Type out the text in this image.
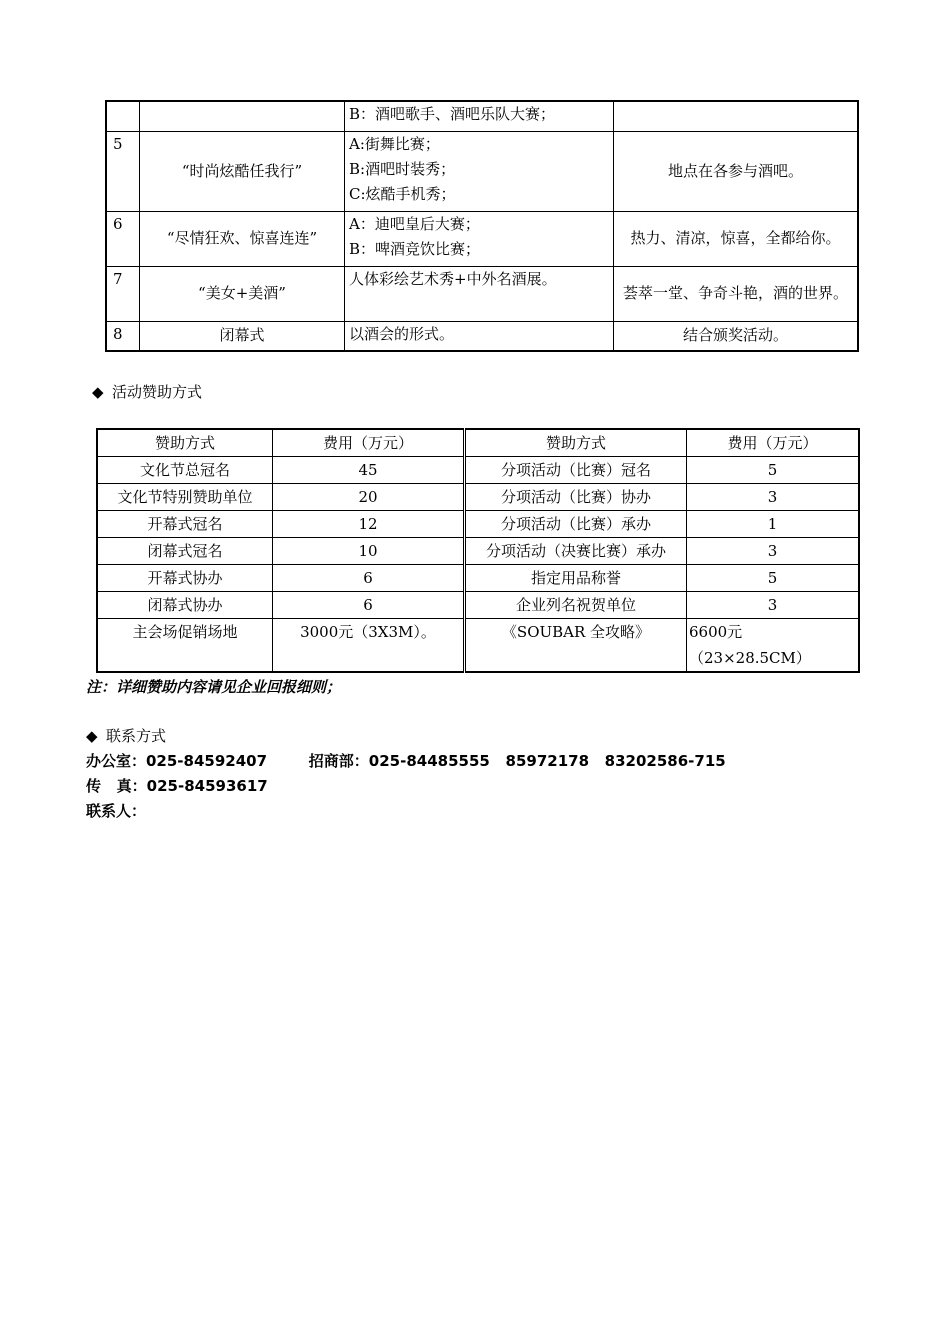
		B：酒吧歌手、酒吧乐队大赛；	

5	“时尚炫酷任我行”	A:街舞比赛；
B:酒吧时装秀；
C:炫酷手机秀；	地点在各参与酒吧。
6	“尽情狂欢、惊喜连连”	A：迪吧皇后大赛；
B：啤酒竞饮比赛；	热力、清凉，惊喜，全都给你。
7	“美女+美酒”	人体彩绘艺术秀+中外名酒展。	荟萃一堂、争奇斗艳，酒的世界。
8	闭幕式	以酒会的形式。	结合颁奖活动。
◆ 活动赞助方式
赞助方式	费用（万元）	赞助方式	费用（万元）
文化节总冠名	45	分项活动（比赛）冠名	5
文化节特别赞助单位	20	分项活动（比赛）协办	3
开幕式冠名	12	分项活动（比赛）承办	1
闭幕式冠名	10	分项活动（决赛比赛）承办	3
开幕式协办	6	指定用品称誉	5
闭幕式协办	6	企业列名祝贺单位	3
主会场促销场地	3000元（3X3M）。	《SOUBAR 全攻略》	6600元（23×28.5CM）
注：详细赞助内容请见企业回报细则；
◆ 联系方式
办公室：025-84592407        招商部：025-84485555   85972178   83202586-715
传   真：025-84593617
联系人：
